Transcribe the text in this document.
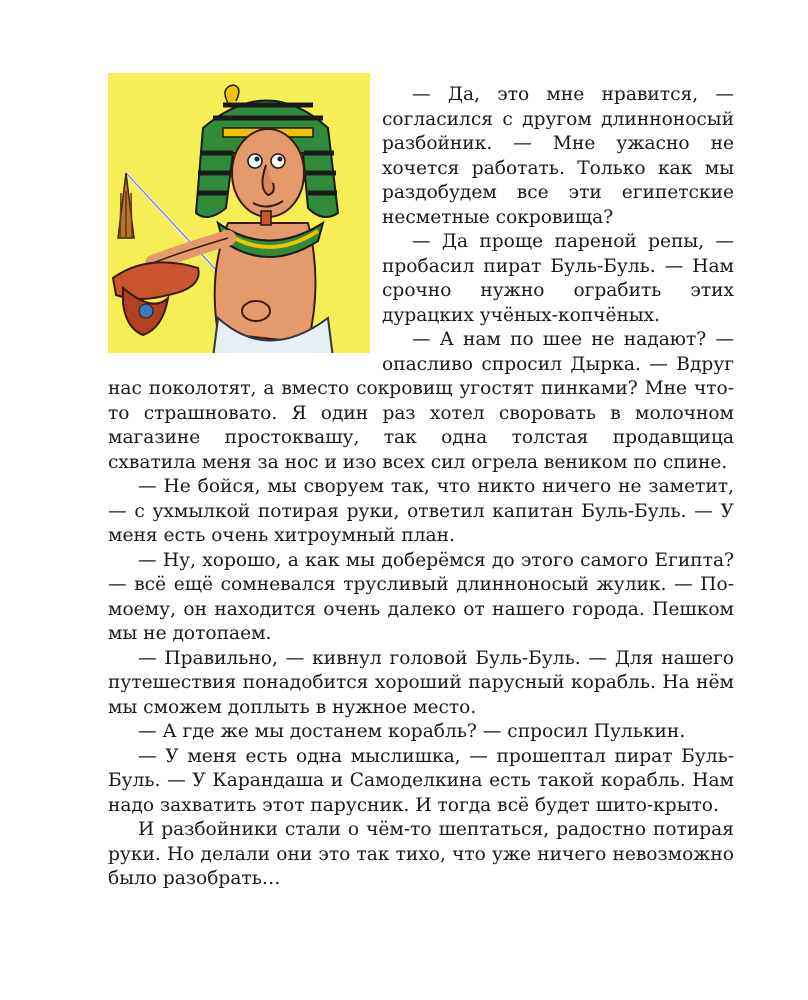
— Да, это мне нравится, — согласился с другом длинноносый разбойник. — Мне ужасно не хочется работать. Только как мы раздобудем все эти египетские несметные сокровища?

— Да проще пареной репы, — пробасил пират Буль-Буль. — Нам срочно нужно ограбить этих дурацких учёных-копчёных.

— А нам по шее не надают? — опасливо спросил Дырка. — Вдруг нас поколотят, а вместо сокровищ угостят пинками? Мне что-то страшновато. Я один раз хотел своровать в молочном магазине простоквашу, так одна толстая продавщица схватила меня за нос и изо всех сил огрела веником по спине.

— Не бойся, мы своруем так, что никто ничего не заметит, — с ухмылкой потирая руки, ответил капитан Буль-Буль. — У меня есть очень хитроумный план.

— Ну, хорошо, а как мы доберёмся до этого самого Египта? — всё ещё сомневался трусливый длинноносый жулик. — По-моему, он находится очень далеко от нашего города. Пешком мы не дотопаем.

— Правильно, — кивнул головой Буль-Буль. — Для нашего путешествия понадобится хороший парусный корабль. На нём мы сможем доплыть в нужное место.

— А где же мы достанем корабль? — спросил Пулькин.

— У меня есть одна мыслишка, — прошептал пират Буль-Буль. — У Карандаша и Самоделкина есть такой корабль. Нам надо захватить этот парусник. И тогда всё будет шито-крыто.

И разбойники стали о чём-то шептаться, радостно потирая руки. Но делали они это так тихо, что уже ничего невозможно было разобрать…
